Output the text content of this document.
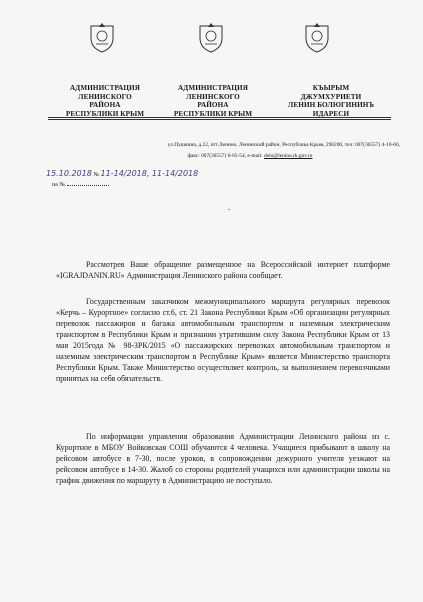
АДМИНИСТРАЦИЯ
ЛЕНИНСКОГО
РАЙОНА
РЕСПУБЛИКИ КРЫМ
АДМИНИСТРАЦИЯ
ЛЕНИНСКОГО
РАЙОНА
РЕСПУБЛИКИ КРЫМ
КЪЫРЫМ
ДЖУМХУРИЕТИ
ЛЕНИН БОЛЮГИНИНЪ
ИДАРЕСИ
ул.Пушкина, д.22, пгт.Ленино, Ленинский район, Республика Крым, 298200, тел: 007(36557) 4-10-66,
факс: 007(36557) 6-05-54, e-mail: delo@lenino.rk.gov.ru
15.10.2018 № 11-14/2018, 11-14/2018
на №
ˇ

Рассмотрев Ваше обращение размещенное на Всероссийской интернет платформе «IGRAJDANIN.RU» Администрация Ленинского района сообщает.

Государственным заказчиком межмуниципального маршрута регулярных перевозок «Керчь – Курортное» согласно ст.6, ст. 21 Закона Республики Крым «Об организации регулярных перевозок пассажиров и багажа автомобильным транспортом и наземным электрическим транспортом в Республики Крым и признании утратившим силу Закона Республики Крым от 13 мая 2015года № 98-ЗРК/2015 «О пассажирских перевозках автомобильным транспортом и наземным электрическим транспортом в Республике Крым» является Министерство транспорта Республики Крым. Также Министерство осуществляет контроль, за выполнением перевозчиками принятых на себя обязательств.

По информации управления образования Администрации Ленинского района из с. Курортное в МБОУ Войковская СОШ обучаются 4 человека. Учащиеся прибывают в школу на рейсовом автобусе в 7-30, после уроков, в сопровождении дежурного учителя уезжают на рейсовом автобусе в 14-30. Жалоб со стороны родителей учащихся или администрации школы на график движения по маршруту в Администрацию не поступало.
